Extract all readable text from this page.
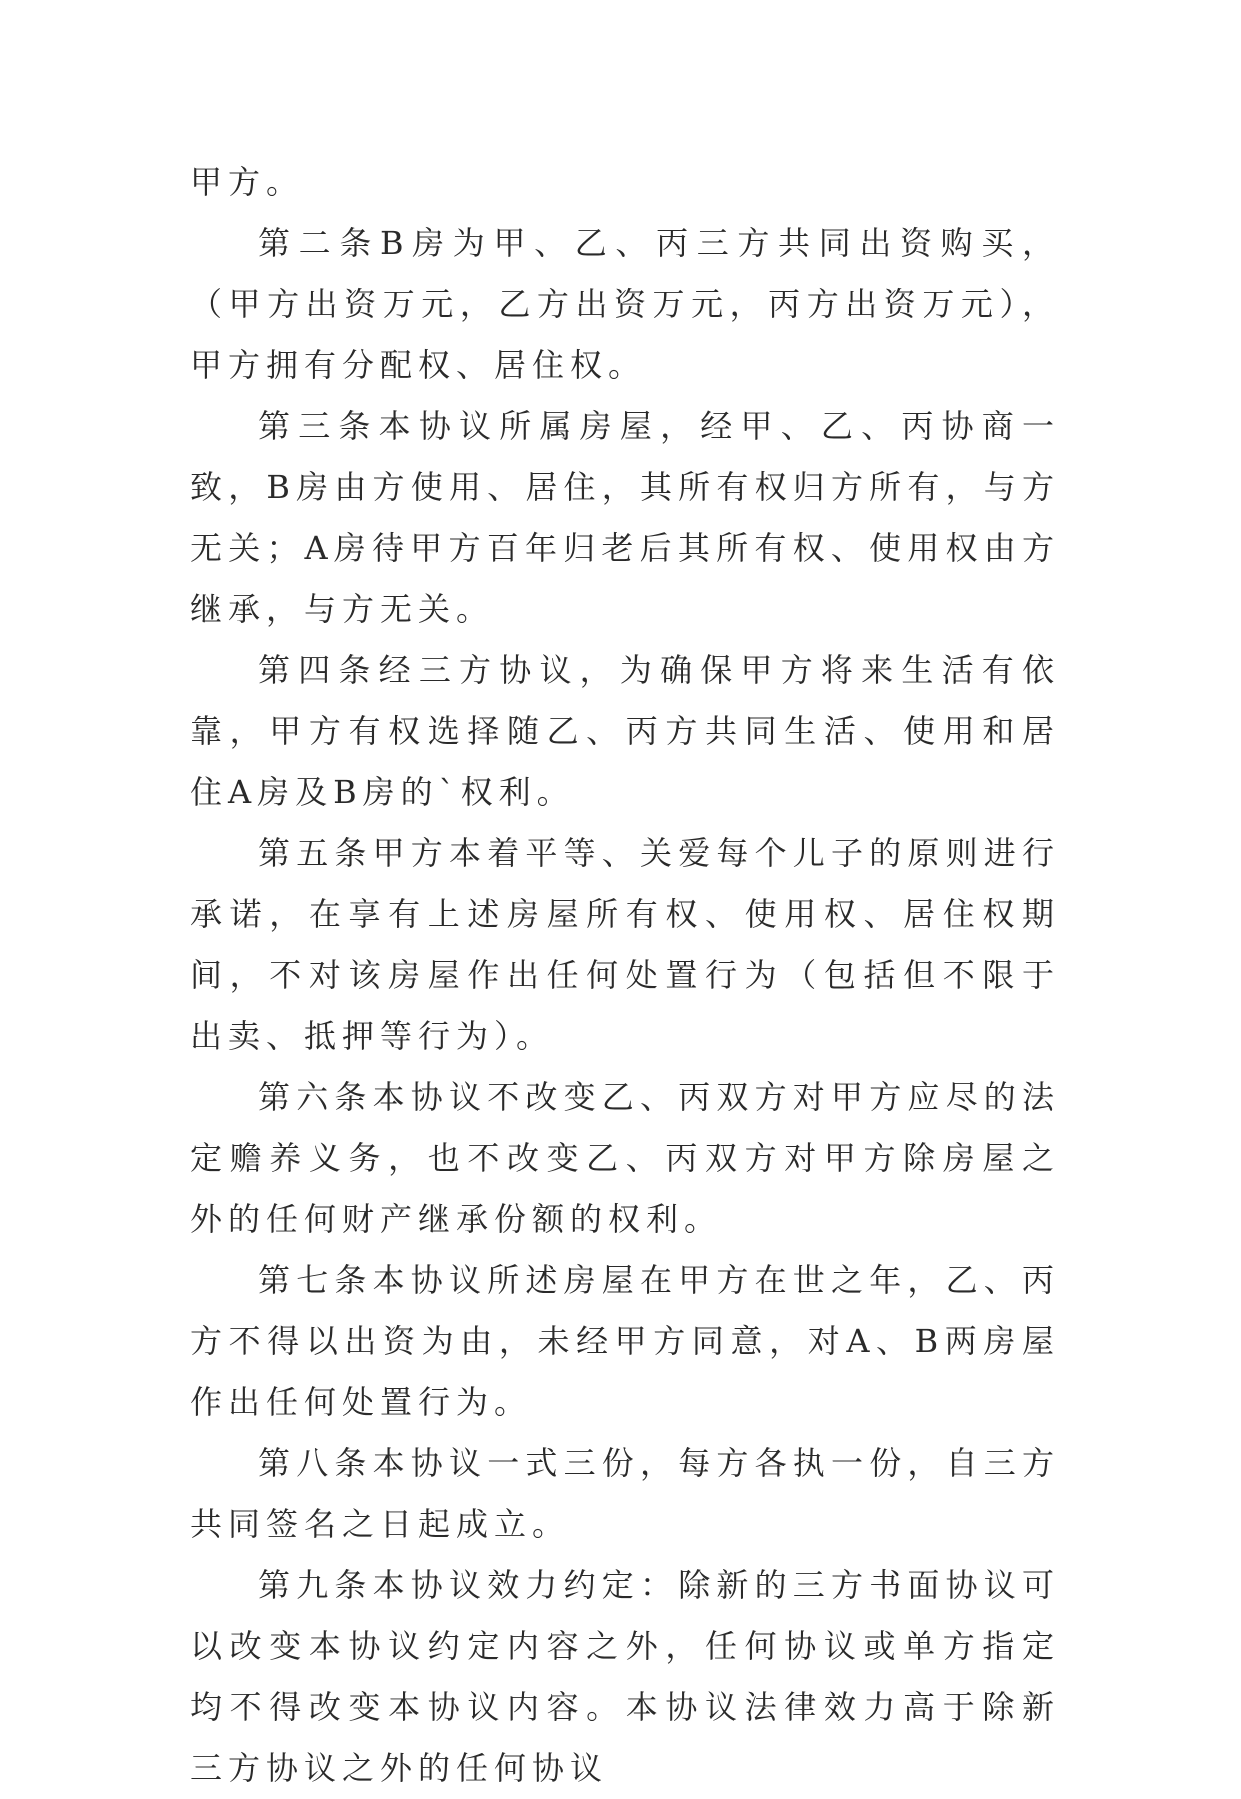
甲方。

第二条B房为甲、乙、丙三方共同出资购买，（甲方出资万元，乙方出资万元，丙方出资万元），甲方拥有分配权、居住权。

第三条本协议所属房屋，经甲、乙、丙协商一致，B房由方使用、居住，其所有权归方所有，与方无关；A房待甲方百年归老后其所有权、使用权由方继承，与方无关。

第四条经三方协议，为确保甲方将来生活有依靠，甲方有权选择随乙、丙方共同生活、使用和居住A房及B房的`权利。

第五条甲方本着平等、关爱每个儿子的原则进行承诺，在享有上述房屋所有权、使用权、居住权期间，不对该房屋作出任何处置行为（包括但不限于出卖、抵押等行为）。

第六条本协议不改变乙、丙双方对甲方应尽的法定赡养义务，也不改变乙、丙双方对甲方除房屋之外的任何财产继承份额的权利。

第七条本协议所述房屋在甲方在世之年，乙、丙方不得以出资为由，未经甲方同意，对A、B两房屋作出任何处置行为。

第八条本协议一式三份，每方各执一份，自三方共同签名之日起成立。

第九条本协议效力约定：除新的三方书面协议可以改变本协议约定内容之外，任何协议或单方指定均不得改变本协议内容。本协议法律效力高于除新三方协议之外的任何协议
